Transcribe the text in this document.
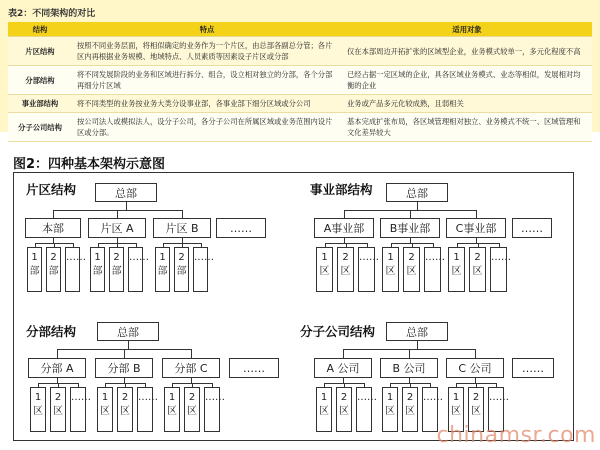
表2：不同架构的对比
结构	特点	适用对象
片区结构	按照不同业务层面，将相似确定的业务作为一个片区，由总部各副总分管；各片区内再根据业务规模、地域特点、人员素质等因素设子片区或分部	仅在本部周边开拓扩张的区域型企业，业务模式较单一，多元化程度不高
分部结构	将不同发展阶段的业务和区域进行拆分、组合，设立相对独立的分部，各个分部再细分片区域	已经占据一定区域的企业，具各区域业务模式、业态等相似，发展相对均衡的企业
事业部结构	将不同类型的业务按业务大类分设事业部，各事业部下细分区域或分公司	业务或产品多元化较成熟，且弱相关
分子公司结构	按公司法人或模拟法人，设分子公司，各分子公司在所属区域或业务范围内设片区或分部。	基本完成扩张布局，各区域管理相对独立、业务模式不统一、区域管理和文化差异较大
图2：四种基本架构示意图
片区结构	事业部结构
分部结构	分子公司结构
总部
本部
1
部
2
部
……
片区 A
1
部
2
部
……
片区 B
1
部
2
部
……
……
总部
A事业部
1
区
2
区
……
B事业部
1
区
2
区
……
C事业部
1
区
2
区
……
……
总部
分部 A
1
区
2
区
……
分部 B
1
区
2
区
……
分部 C
1
区
2
区
……
……
总部
A 公司
1
区
2
区
……
B 公司
1
区
2
区
……
C 公司
1
区
2
区
……
……
chinamsr.com
